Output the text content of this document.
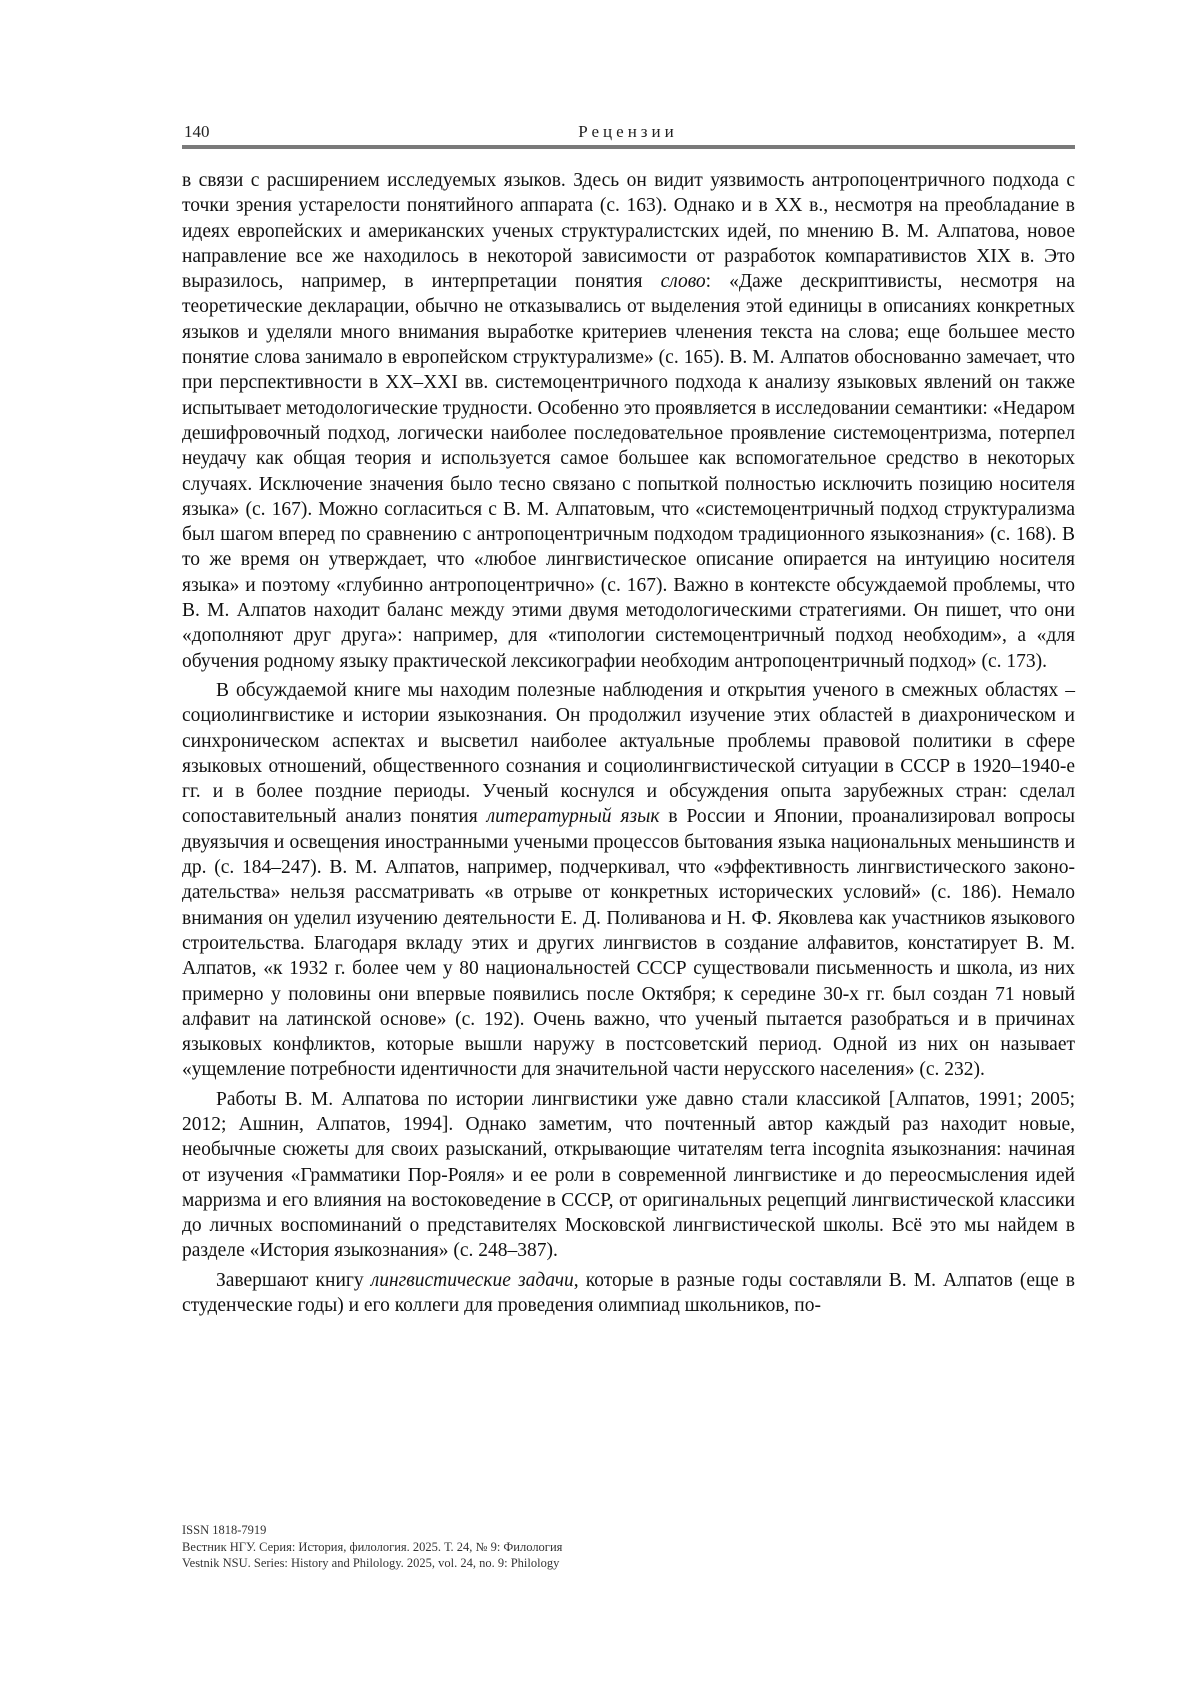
140	Рецензии

в связи с расширением исследуемых языков. Здесь он видит уязвимость антропоцентричного подхода с точки зрения устарелости понятийного аппарата (с. 163). Однако и в XX в., несмотря на преобладание в идеях европейских и американских ученых структуралистских идей, по мнению В. М. Алпатова, новое направление все же находилось в некоторой зависимости от разработок компаративистов XIX в. Это выразилось, например, в интерпретации понятия слово: «Даже дескриптивисты, несмотря на теоретические декларации, обычно не отказывались от выделения этой единицы в описаниях конкретных языков и уделяли много внимания выработке критериев членения текста на слова; еще большее место понятие слова занимало в европейском структурализме» (с. 165). В. М. Алпатов обоснованно замечает, что при перспективности в XX–XXI вв. системоцентричного подхода к анализу языковых явлений он также испытывает методологические трудности. Особенно это проявляется в исследовании семантики: «Недаром дешифровочный подход, логически наиболее последовательное проявление системоцентризма, потерпел неудачу как общая теория и используется самое большее как вспомогательное средство в некоторых случаях. Исключение значения было тесно связано с попыткой полностью исключить позицию носителя языка» (с. 167). Можно согласиться с В. М. Алпатовым, что «системоцентричный подход структурализма был шагом вперед по сравнению с антропоцентричным подходом традиционного языкознания» (с. 168). В то же время он утверждает, что «любое лингвистическое описание опирается на интуицию носителя языка» и поэтому «глубинно антропоцентрично» (с. 167). Важно в контексте обсуждаемой проблемы, что В. М. Алпатов находит баланс между этими двумя методологическими стратегиями. Он пишет, что они «дополняют друг друга»: например, для «типологии системоцентричный подход необходим», а «для обучения родному языку практической лексикографии необходим антропоцентричный подход» (с. 173).

В обсуждаемой книге мы находим полезные наблюдения и открытия ученого в смежных областях – социолингвистике и истории языкознания. Он продолжил изучение этих областей в диахроническом и синхроническом аспектах и высветил наиболее актуальные проблемы правовой политики в сфере языковых отношений, общественного сознания и социолингвистической ситуации в СССР в 1920–1940-е гг. и в более поздние периоды. Ученый коснулся и обсуждения опыта зарубежных стран: сделал сопоставительный анализ понятия литературный язык в России и Японии, проанализировал вопросы двуязычия и освещения иностранными учеными процессов бытования языка национальных меньшинств и др. (с. 184–247). В. М. Алпатов, например, подчеркивал, что «эффективность лингвистического законодательства» нельзя рассматривать «в отрыве от конкретных исторических условий» (с. 186). Немало внимания он уделил изучению деятельности Е. Д. Поливанова и Н. Ф. Яковлева как участников языкового строительства. Благодаря вкладу этих и других лингвистов в создание алфавитов, констатирует В. М. Алпатов, «к 1932 г. более чем у 80 национальностей СССР существовали письменность и школа, из них примерно у половины они впервые появились после Октября; к середине 30-х гг. был создан 71 новый алфавит на латинской основе» (с. 192). Очень важно, что ученый пытается разобраться и в причинах языковых конфликтов, которые вышли наружу в постсоветский период. Одной из них он называет «ущемление потребности идентичности для значительной части нерусского населения» (с. 232).

Работы В. М. Алпатова по истории лингвистики уже давно стали классикой [Алпатов, 1991; 2005; 2012; Ашнин, Алпатов, 1994]. Однако заметим, что почтенный автор каждый раз находит новые, необычные сюжеты для своих разысканий, открывающие читателям terra incognita языкознания: начиная от изучения «Грамматики Пор-Рояля» и ее роли в современной лингвистике и до переосмысления идей марризма и его влияния на востоковедение в СССР, от оригинальных рецепций лингвистической классики до личных воспоминаний о представителях Московской лингвистической школы. Всё это мы найдем в разделе «История языкознания» (с. 248–387).

Завершают книгу лингвистические задачи, которые в разные годы составляли В. М. Алпатов (еще в студенческие годы) и его коллеги для проведения олимпиад школьников, по-

ISSN 1818-7919
Вестник НГУ. Серия: История, филология. 2025. Т. 24, № 9: Филология
Vestnik NSU. Series: History and Philology. 2025, vol. 24, no. 9: Philology
